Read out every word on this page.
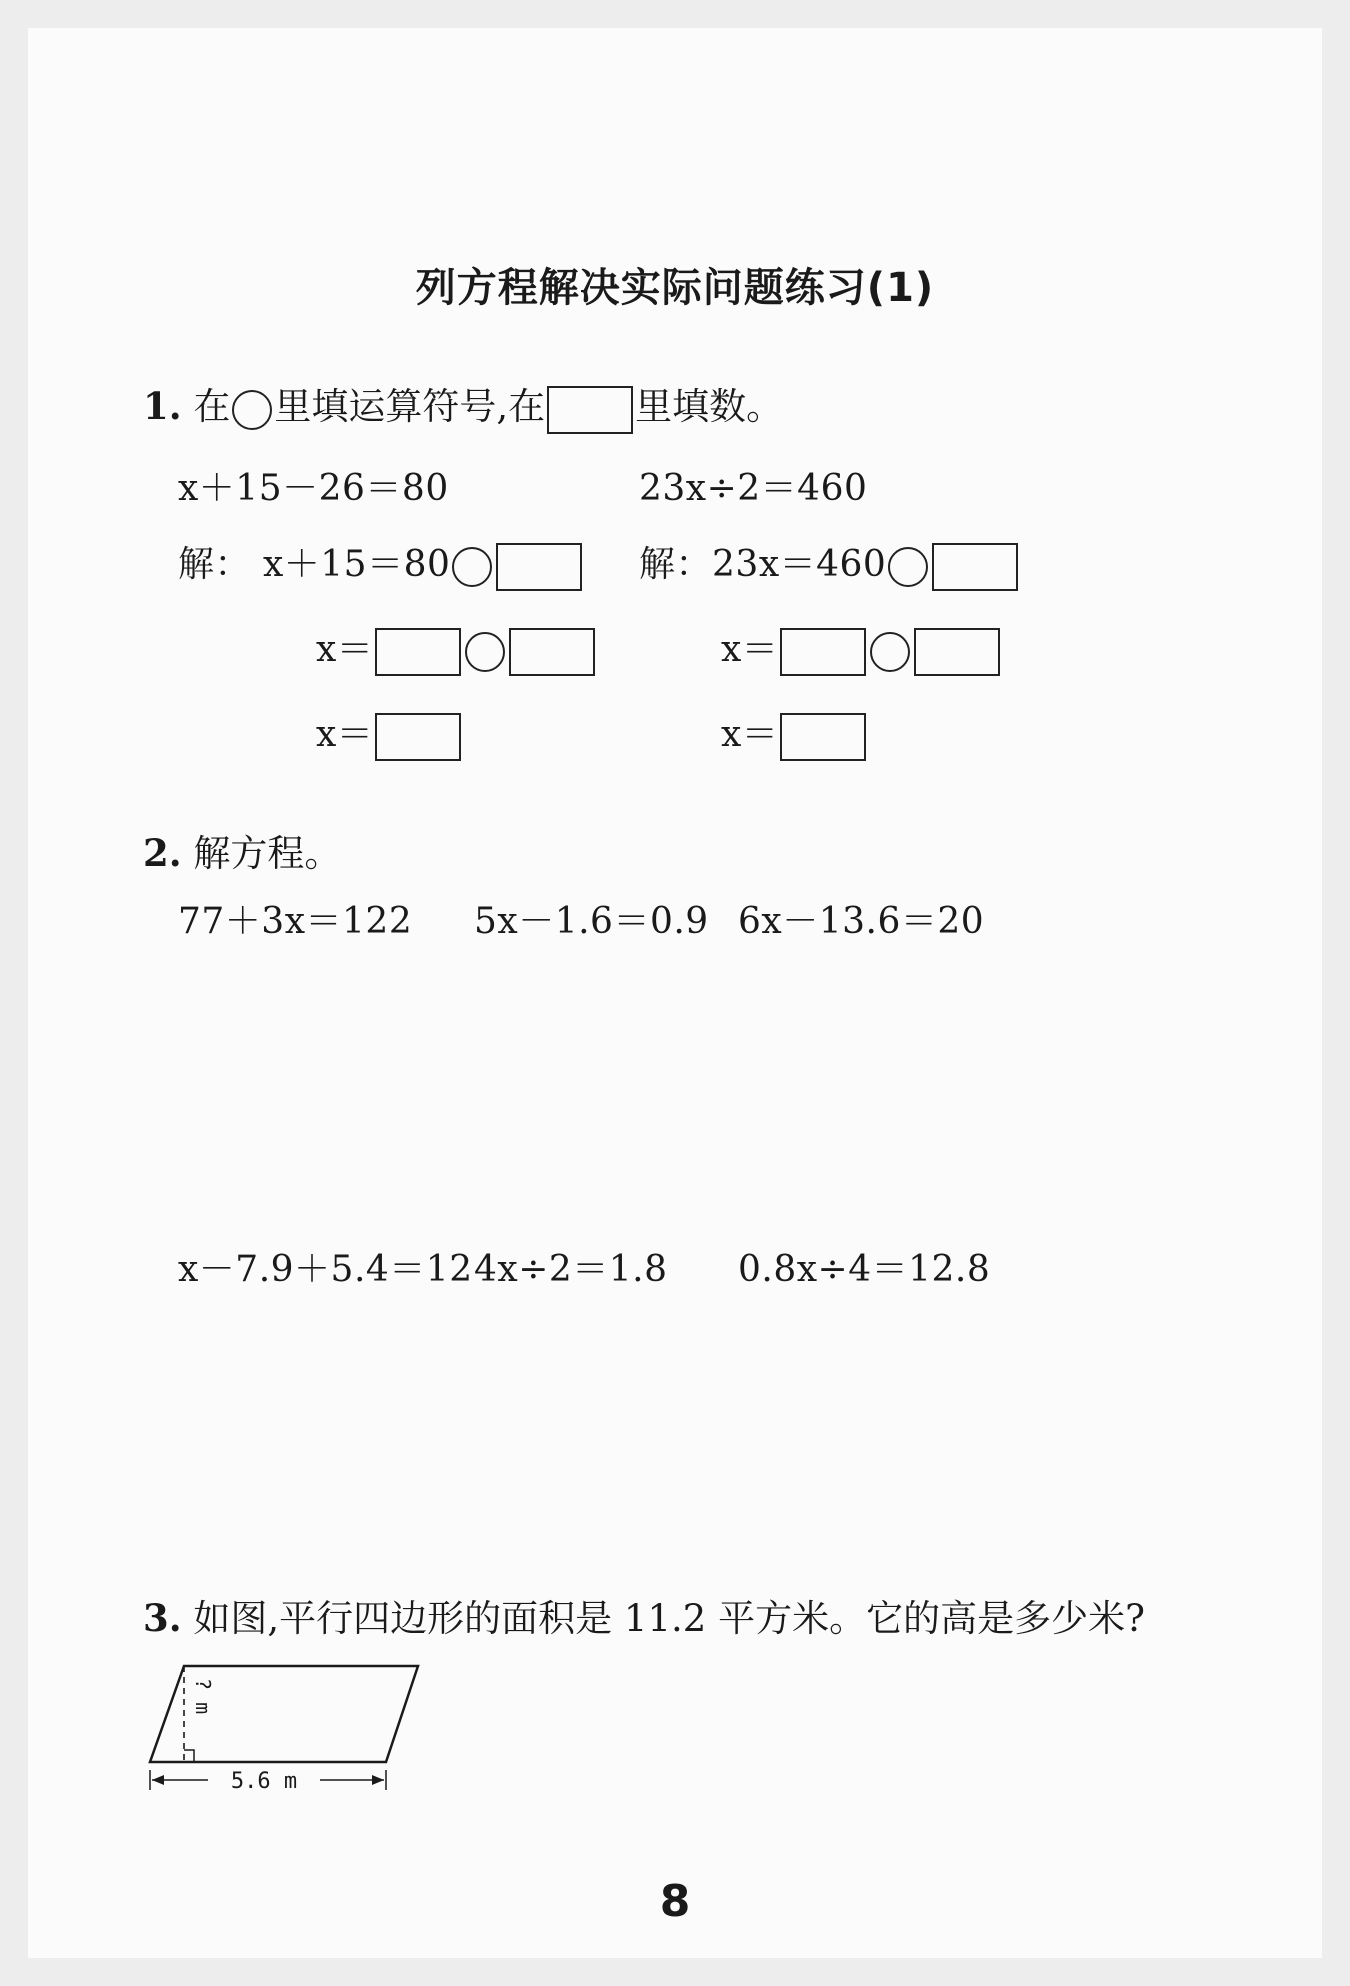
列方程解决实际问题练习(1)
1. 在 里填运算符号,在 里填数。
x＋15－26＝80
解： x＋15＝80
x＝
x＝
23x÷2＝460
解：23x＝460
x＝
x＝
2. 解方程。
77＋3x＝122 5x－1.6＝0.9 6x－13.6＝20
x－7.9＋5.4＝12 4x÷2＝1.8 0.8x÷4＝12.8
3. 如图,平行四边形的面积是 11.2 平方米。它的高是多少米?
? m
5.6 m
8
